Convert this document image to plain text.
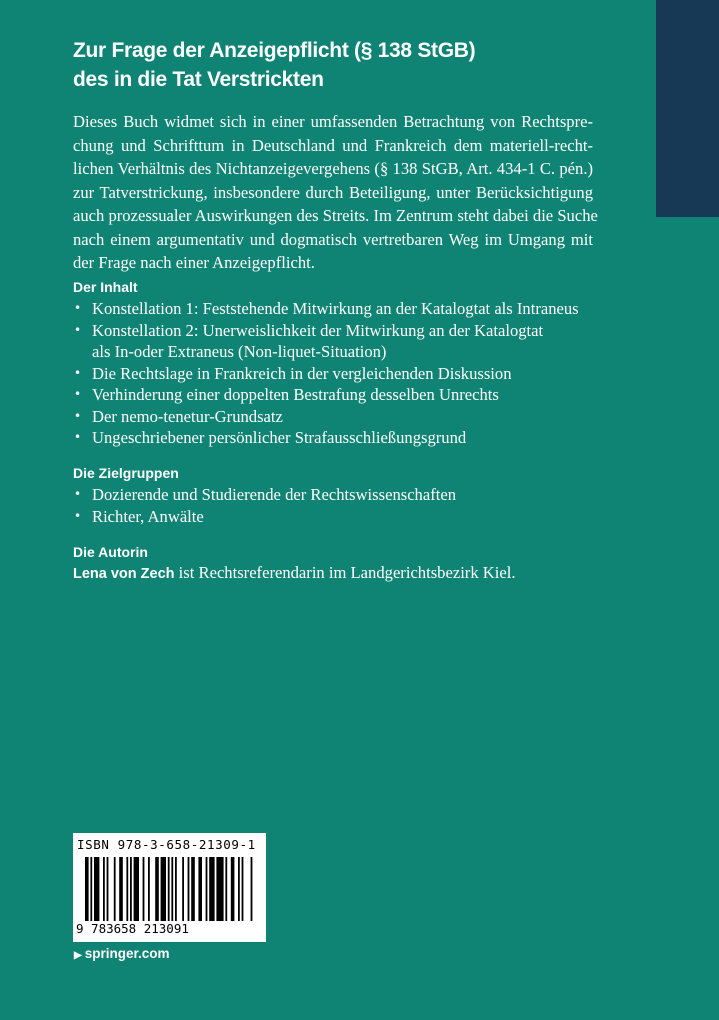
Zur Frage der Anzeigepflicht (§ 138 StGB)
des in die Tat Verstrickten
Dieses Buch widmet sich in einer umfassenden Betrachtung von Rechtspre-
chung und Schrifttum in Deutschland und Frankreich dem materiell-recht-
lichen Verhältnis des Nichtanzeigevergehens (§ 138 StGB, Art. 434-1 C. pén.)
zur Tatverstrickung, insbesondere durch Beteiligung, unter Berücksichtigung
auch prozessualer Auswirkungen des Streits. Im Zentrum steht dabei die Suche
nach einem argumentativ und dogmatisch vertretbaren Weg im Umgang mit
der Frage nach einer Anzeigepflicht.
Der Inhalt
• Konstellation 1: Feststehende Mitwirkung an der Katalogtat als Intraneus
• Konstellation 2: Unerweislichkeit der Mitwirkung an der Katalogtat
als In-oder Extraneus (Non-liquet-Situation)
• Die Rechtslage in Frankreich in der vergleichenden Diskussion
• Verhinderung einer doppelten Bestrafung desselben Unrechts
• Der nemo-tenetur-Grundsatz
• Ungeschriebener persönlicher Strafausschließungsgrund
Die Zielgruppen
• Dozierende und Studierende der Rechtswissenschaften
• Richter, Anwälte
Die Autorin
Lena von Zech ist Rechtsreferendarin im Landgerichtsbezirk Kiel.
ISBN 978-3-658-21309-1
9 783658 213091
▶ springer.com
